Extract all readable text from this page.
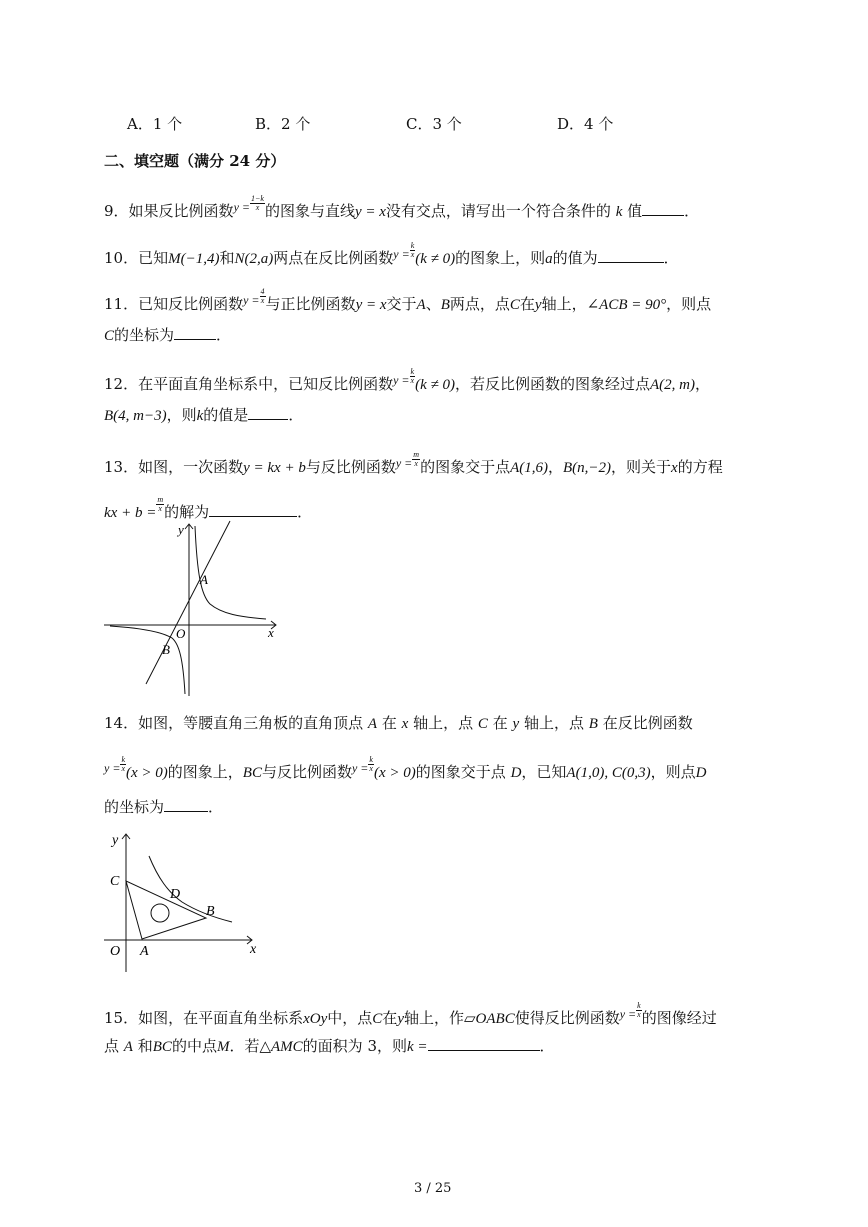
A．1 个	B．2 个	C．3 个	D．4 个
二、填空题（满分 24 分）
9．如果反比例函数$^{y =} \frac{1-k}{x}$ 的图象与直线y = x没有交点，请写出一个符合条件的 k 值	．
10．已知M(−1,4)和N(2,a)两点在反比例函数$^{y =} \frac{k}{x} (k \ne 0)$的图象上，则a的值为	．
11．已知反比例函数$^{y =} \frac{4}{x}$ 与正比例函数y = x交于A、B两点，点C在y轴上，∠ACB = 90°，则点
C的坐标为	．
12．在平面直角坐标系中，已知反比例函数$^{y =} \frac{k}{x} (k \ne 0)$，若反比例函数的图象经过点A(2, m)，
B(4, m−3)，则k的值是	．
13．如图，一次函数y = kx + b与反比例函数$^{y =} \frac{m}{x}$ 的图象交于点A(1,6)，B(n,−2)，则关于x的方程
kx + $b = \frac{m}{x}$ 的解为	．
y
x
O
A
B
14．如图，等腰直角三角板的直角顶点 A 在 x 轴上，点 C 在 y 轴上，点 B 在反比例函数
$^{y =} \frac{k}{x} (x > 0)$的图象上，BC与反比例函数$^{y =} \frac{k}{x} (x > 0)$的图象交于点 D，已知A(1,0), C(0,3)，则点D
的坐标为	．
y
x
O A
C
D
B
15．如图，在平面直角坐标系xOy中，点C在y轴上，作▱OABC使得反比例函数$^{y =} \frac{k}{x}$ 的图像经过
点 A 和BC的中点M．若△AMC的面积为 3，则k =	．
3 / 25
